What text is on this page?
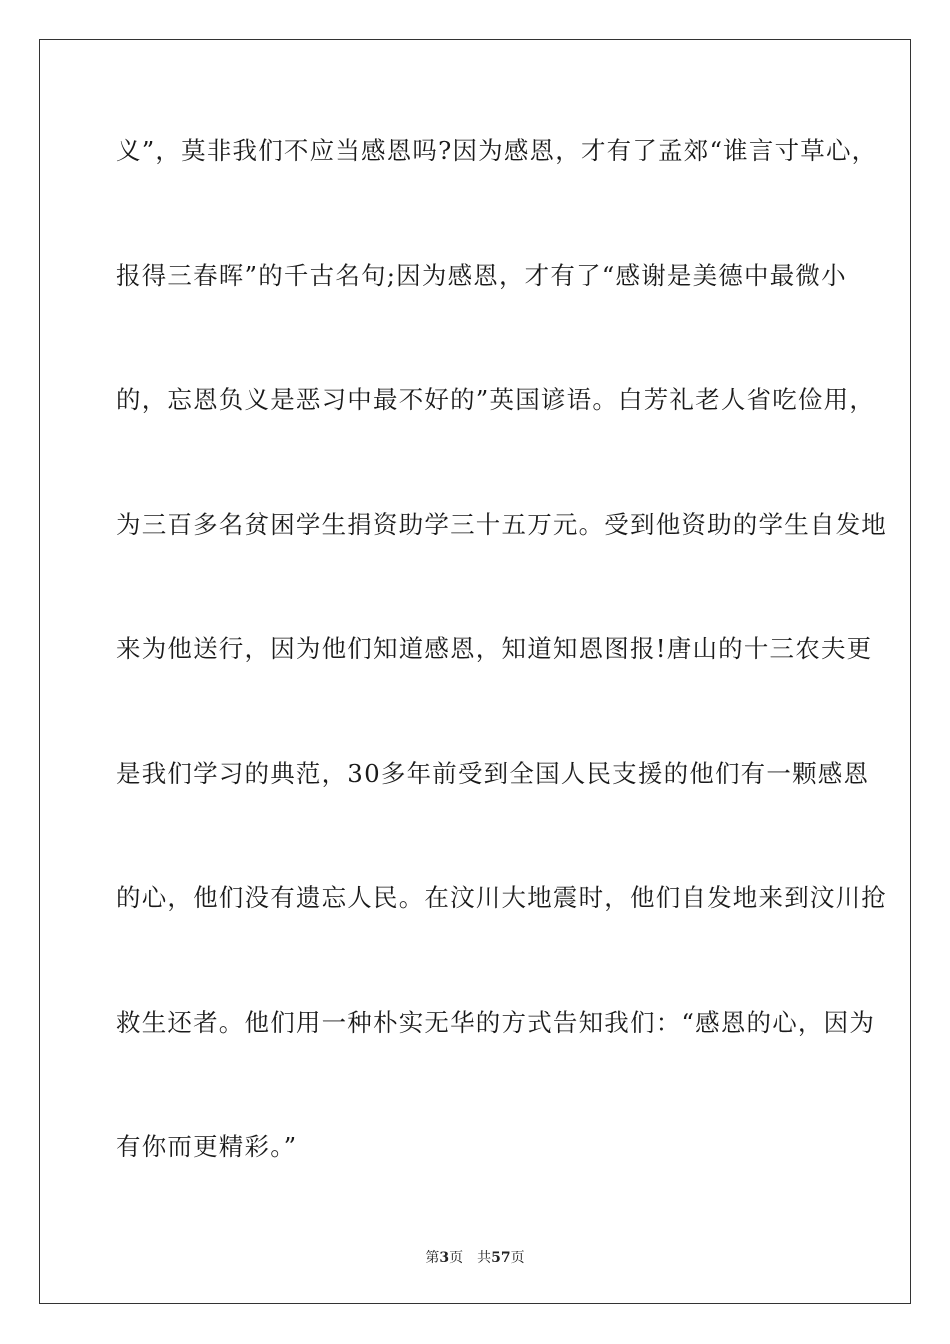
义”，莫非我们不应当感恩吗?因为感恩，才有了孟郊“谁言寸草心，
报得三春晖”的千古名句;因为感恩，才有了“感谢是美德中最微小
的，忘恩负义是恶习中最不好的”英国谚语。白芳礼老人省吃俭用，
为三百多名贫困学生捐资助学三十五万元。受到他资助的学生自发地
来为他送行，因为他们知道感恩，知道知恩图报!唐山的十三农夫更
是我们学习的典范，30多年前受到全国人民支援的他们有一颗感恩
的心，他们没有遗忘人民。在汶川大地震时，他们自发地来到汶川抢
救生还者。他们用一种朴实无华的方式告知我们：“感恩的心，因为
有你而更精彩。”
第3页 共57页
